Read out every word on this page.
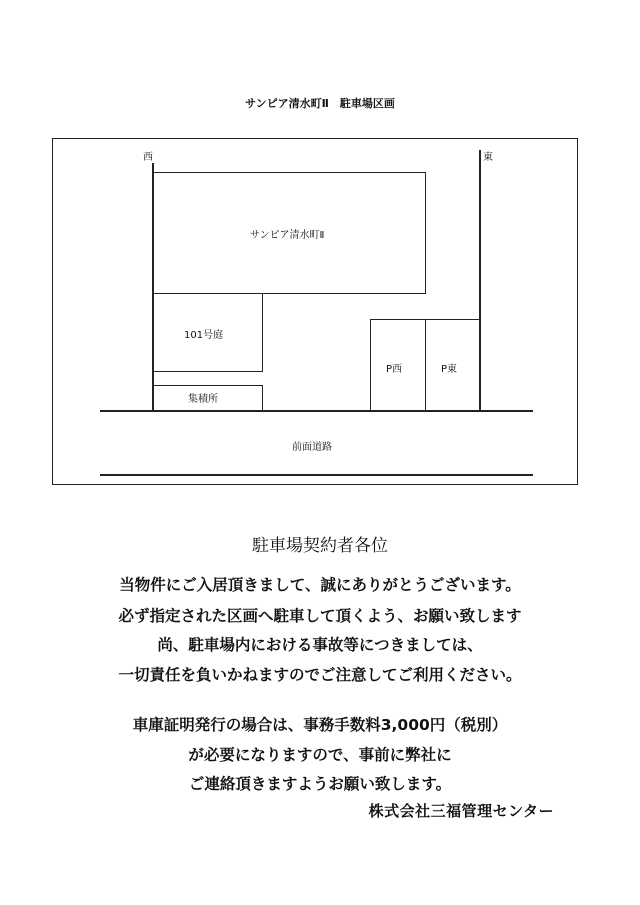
サンピア清水町Ⅱ　駐車場区画
西	東
サンピア清水町Ⅱ
101号庭
集積所
P西	P東
前面道路
駐車場契約者各位
当物件にご入居頂きまして、誠にありがとうございます。
必ず指定された区画へ駐車して頂くよう、お願い致します
尚、駐車場内における事故等につきましては、
一切責任を負いかねますのでご注意してご利用ください。
車庫証明発行の場合は、事務手数料3,000円（税別）
が必要になりますので、事前に弊社に
ご連絡頂きますようお願い致します。
株式会社三福管理センター
